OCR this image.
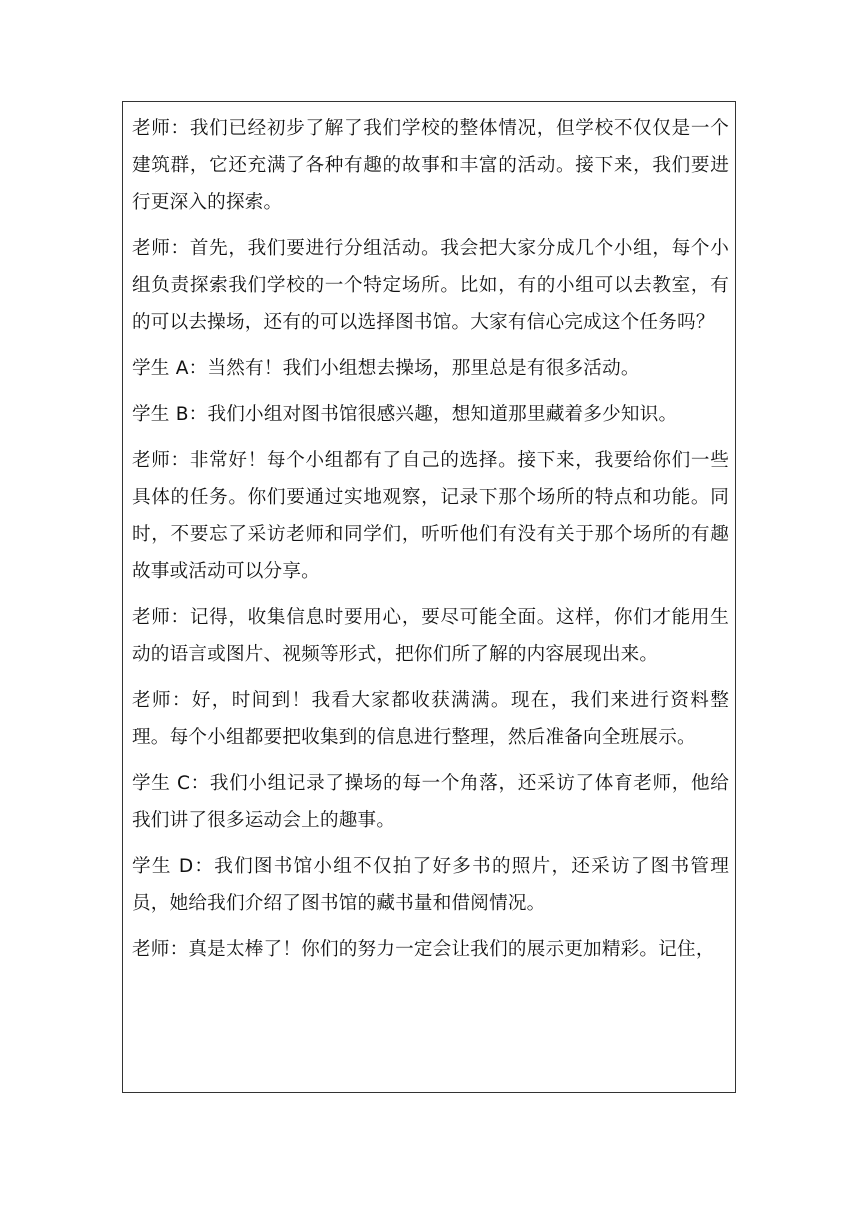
老师：我们已经初步了解了我们学校的整体情况，但学校不仅仅是一个建筑群，它还充满了各种有趣的故事和丰富的活动。接下来，我们要进行更深入的探索。

老师：首先，我们要进行分组活动。我会把大家分成几个小组，每个小组负责探索我们学校的一个特定场所。比如，有的小组可以去教室，有的可以去操场，还有的可以选择图书馆。大家有信心完成这个任务吗？

学生 A：当然有！我们小组想去操场，那里总是有很多活动。

学生 B：我们小组对图书馆很感兴趣，想知道那里藏着多少知识。

老师：非常好！每个小组都有了自己的选择。接下来，我要给你们一些具体的任务。你们要通过实地观察，记录下那个场所的特点和功能。同时，不要忘了采访老师和同学们，听听他们有没有关于那个场所的有趣故事或活动可以分享。

老师：记得，收集信息时要用心，要尽可能全面。这样，你们才能用生动的语言或图片、视频等形式，把你们所了解的内容展现出来。

老师：好，时间到！我看大家都收获满满。现在，我们来进行资料整理。每个小组都要把收集到的信息进行整理，然后准备向全班展示。

学生 C：我们小组记录了操场的每一个角落，还采访了体育老师，他给我们讲了很多运动会上的趣事。

学生 D：我们图书馆小组不仅拍了好多书的照片，还采访了图书管理员，她给我们介绍了图书馆的藏书量和借阅情况。

老师：真是太棒了！你们的努力一定会让我们的展示更加精彩。记住，
